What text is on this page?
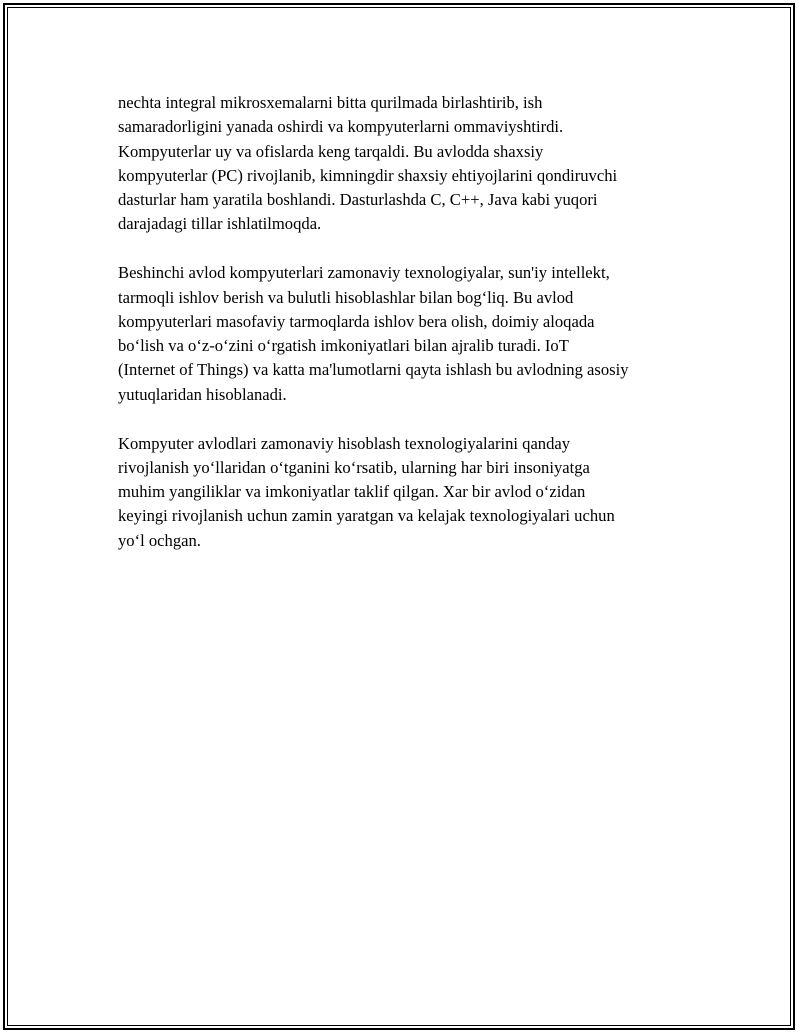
nechta integral mikrosxemalarni bitta qurilmada birlashtirib, ish
samaradorligini yanada oshirdi va kompyuterlarni ommaviyshtirdi.
Kompyuterlar uy va ofislarda keng tarqaldi. Bu avlodda shaxsiy
kompyuterlar (PC) rivojlanib, kimningdir shaxsiy ehtiyojlarini qondiruvchi
dasturlar ham yaratila boshlandi. Dasturlashda C, C++, Java kabi yuqori
darajadagi tillar ishlatilmoqda.

Beshinchi avlod kompyuterlari zamonaviy texnologiyalar, sun'iy intellekt,
tarmoqli ishlov berish va bulutli hisoblashlar bilan bog‘liq. Bu avlod
kompyuterlari masofaviy tarmoqlarda ishlov bera olish, doimiy aloqada
bo‘lish va o‘z-o‘zini o‘rgatish imkoniyatlari bilan ajralib turadi. IoT
(Internet of Things) va katta ma'lumotlarni qayta ishlash bu avlodning asosiy
yutuqlaridan hisoblanadi.

Kompyuter avlodlari zamonaviy hisoblash texnologiyalarini qanday
rivojlanish yo‘llaridan o‘tganini ko‘rsatib, ularning har biri insoniyatga
muhim yangiliklar va imkoniyatlar taklif qilgan. Xar bir avlod o‘zidan
keyingi rivojlanish uchun zamin yaratgan va kelajak texnologiyalari uchun
yo‘l ochgan.
